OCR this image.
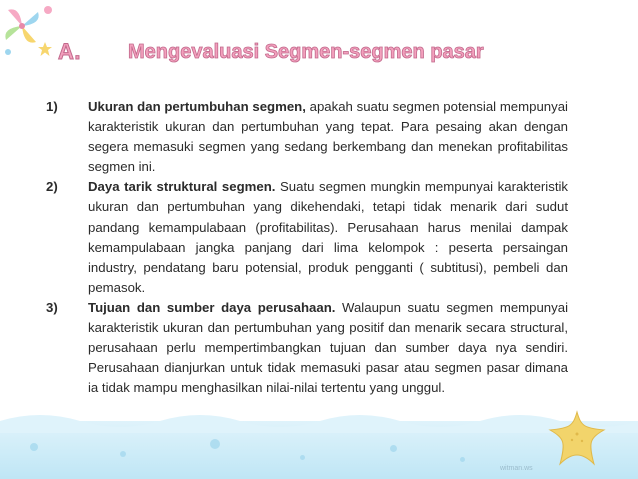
A.	Mengevaluasi Segmen-segmen pasar
1)	Ukuran dan pertumbuhan segmen, apakah suatu segmen potensial mempunyai karakteristik ukuran dan pertumbuhan yang tepat. Para pesaing akan dengan segera memasuki segmen yang sedang berkembang dan menekan profitabilitas segmen ini.
2)	Daya tarik struktural segmen. Suatu segmen mungkin mempunyai karakteristik ukuran dan pertumbuhan yang dikehendaki, tetapi tidak menarik dari sudut pandang kemampulabaan (profitabilitas). Perusahaan harus menilai dampak kemampulabaan jangka panjang dari lima kelompok : peserta persaingan industry, pendatang baru potensial, produk pengganti ( subtitusi), pembeli dan pemasok.
3)	Tujuan dan sumber daya perusahaan. Walaupun suatu segmen mempunyai karakteristik ukuran dan pertumbuhan yang positif dan menarik secara structural, perusahaan perlu mempertimbangkan tujuan dan sumber daya nya sendiri. Perusahaan dianjurkan untuk tidak memasuki pasar atau segmen pasar dimana ia tidak mampu menghasilkan nilai-nilai tertentu yang unggul.
witman.ws
